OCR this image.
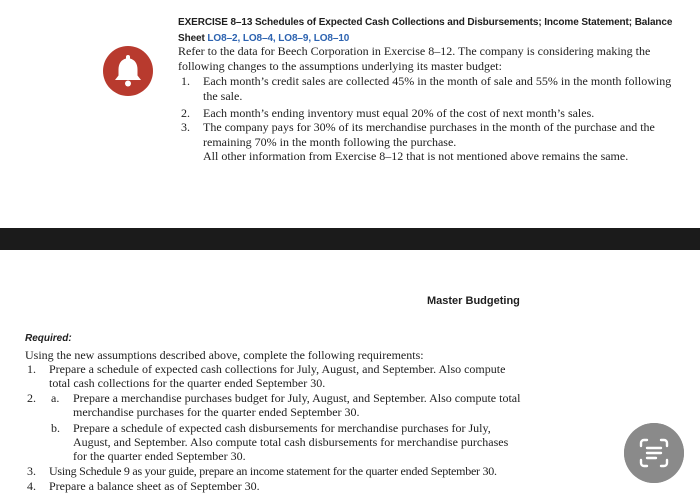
EXERCISE 8–13 Schedules of Expected Cash Collections and Disbursements; Income Statement; Balance Sheet LO8–2, LO8–4, LO8–9, LO8–10
Refer to the data for Beech Corporation in Exercise 8–12. The company is considering making the following changes to the assumptions underlying its master budget:
1. Each month’s credit sales are collected 45% in the month of sale and 55% in the month following the sale.
2. Each month’s ending inventory must equal 20% of the cost of next month’s sales.
3. The company pays for 30% of its merchandise purchases in the month of the purchase and the remaining 70% in the month following the purchase.
All other information from Exercise 8–12 that is not mentioned above remains the same.
Master Budgeting
Required:
Using the new assumptions described above, complete the following requirements:
1. Prepare a schedule of expected cash collections for July, August, and September. Also compute total cash collections for the quarter ended September 30.
2. a. Prepare a merchandise purchases budget for July, August, and September. Also compute total merchandise purchases for the quarter ended September 30.
b. Prepare a schedule of expected cash disbursements for merchandise purchases for July, August, and September. Also compute total cash disbursements for merchandise purchases for the quarter ended September 30.
3. Using Schedule 9 as your guide, prepare an income statement for the quarter ended September 30.
4. Prepare a balance sheet as of September 30.
